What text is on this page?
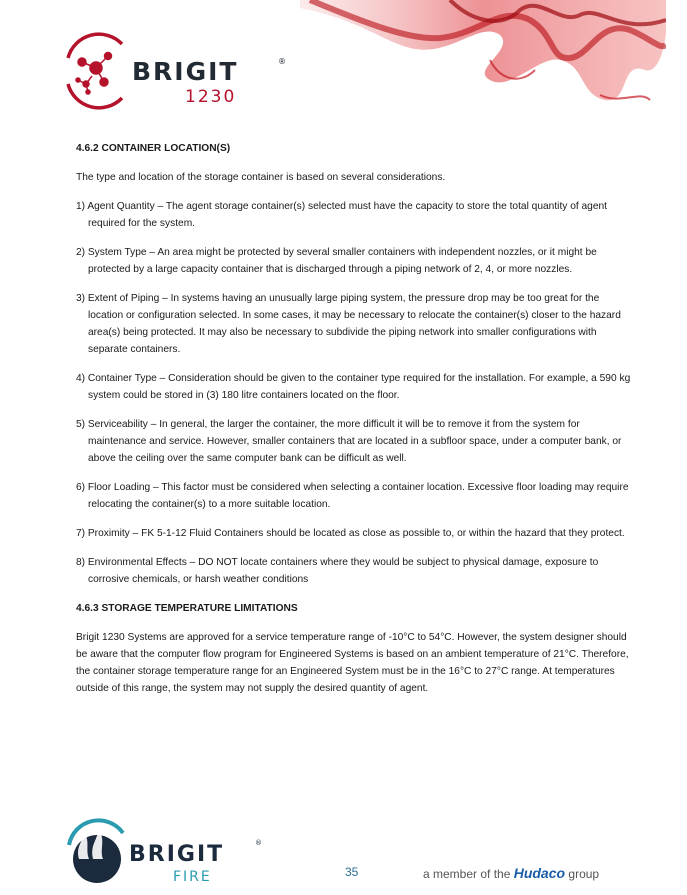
BRIGIT	®
1230
4.6.2 CONTAINER LOCATION(S)
The type and location of the storage container is based on several considerations.
1) Agent Quantity – The agent storage container(s) selected must have the capacity to store the total quantity of agent required for the system.
2) System Type – An area might be protected by several smaller containers with independent nozzles, or it might be protected by a large capacity container that is discharged through a piping network of 2, 4, or more nozzles.
3) Extent of Piping – In systems having an unusually large piping system, the pressure drop may be too great for the location or configuration selected. In some cases, it may be necessary to relocate the container(s) closer to the hazard area(s) being protected. It may also be necessary to subdivide the piping network into smaller configurations with separate containers.
4) Container Type – Consideration should be given to the container type required for the installation. For example, a 590 kg system could be stored in (3) 180 litre containers located on the floor.
5) Serviceability – In general, the larger the container, the more difficult it will be to remove it from the system for maintenance and service. However, smaller containers that are located in a subfloor space, under a computer bank, or above the ceiling over the same computer bank can be difficult as well.
6) Floor Loading – This factor must be considered when selecting a container location. Excessive floor loading may require relocating the container(s) to a more suitable location.
7) Proximity – FK 5-1-12 Fluid Containers should be located as close as possible to, or within the hazard that they protect.
8) Environmental Effects – DO NOT locate containers where they would be subject to physical damage, exposure to corrosive chemicals, or harsh weather conditions
4.6.3 STORAGE TEMPERATURE LIMITATIONS
Brigit 1230 Systems are approved for a service temperature range of -10°C to 54°C. However, the system designer should be aware that the computer flow program for Engineered Systems is based on an ambient temperature of 21°C. Therefore, the container storage temperature range for an Engineered System must be in the 16°C to 27°C range. At temperatures outside of this range, the system may not supply the desired quantity of agent.
BRIGIT	®
FIRE	35	a member of the Hudaco group
